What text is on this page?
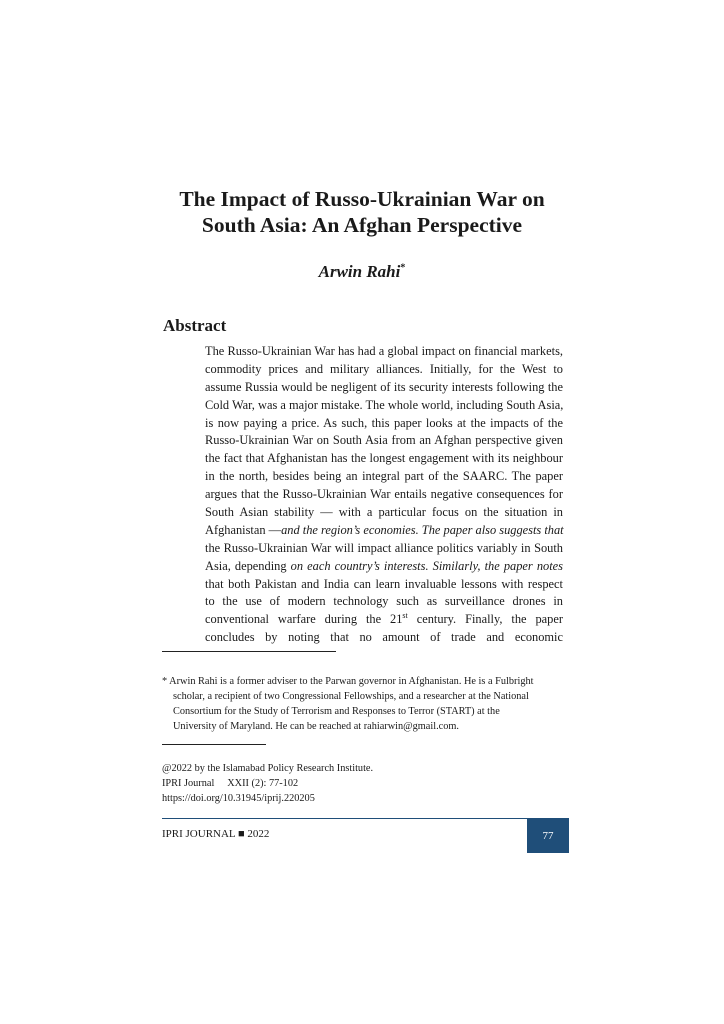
The Impact of Russo-Ukrainian War on
South Asia: An Afghan Perspective
Arwin Rahi*
Abstract
The Russo-Ukrainian War has had a global impact on financial markets,
commodity prices and military alliances. Initially, for the West to
assume Russia would be negligent of its security interests following the
Cold War, was a major mistake. The whole world, including South Asia,
is now paying a price. As such, this paper looks at the impacts of the
Russo-Ukrainian War on South Asia from an Afghan perspective given
the fact that Afghanistan has the longest engagement with its neighbour
in the north, besides being an integral part of the SAARC. The paper
argues that the Russo-Ukrainian War entails negative consequences for
South Asian stability — with a particular focus on the situation in
Afghanistan —and the region’s economies. The paper also suggests that
the Russo-Ukrainian War will impact alliance politics variably in South
Asia, depending on each country’s interests. Similarly, the paper notes
that both Pakistan and India can learn invaluable lessons with respect
to the use of modern technology such as surveillance drones in
conventional warfare during the 21st century. Finally, the paper
concludes by noting that no amount of trade and economic
* Arwin Rahi is a former adviser to the Parwan governor in Afghanistan. He is a Fulbright
scholar, a recipient of two Congressional Fellowships, and a researcher at the National
Consortium for the Study of Terrorism and Responses to Terror (START) at the
University of Maryland. He can be reached at rahiarwin@gmail.com.
@2022 by the Islamabad Policy Research Institute.
IPRI Journal     XXII (2): 77-102
https://doi.org/10.31945/iprij.220205
IPRI JOURNAL ■ 2022	77
